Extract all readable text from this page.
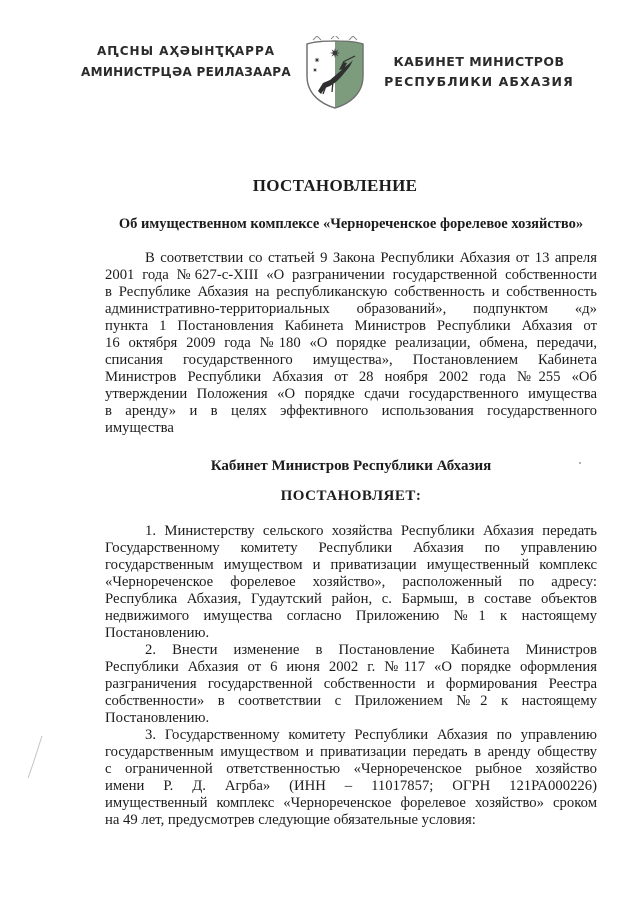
АԤСНЫ АҲӘЫНҬҚАРРА
АМИНИСТРЦӘА РЕИЛАЗААРА
КАБИНЕТ МИНИСТРОВ
РЕСПУБЛИКИ АБХАЗИЯ
ПОСТАНОВЛЕНИЕ
Об имущественном комплексе «Чернореченское форелевое хозяйство»
В соответствии со статьей 9 Закона Республики Абхазия от 13 апреля
2001 года №627-с-XIII «О разграничении государственной собственности
в Республике Абхазия на республиканскую собственность и собственность
административно-территориальных образований», подпунктом «д»
пункта 1 Постановления Кабинета Министров Республики Абхазия от
16 октября 2009 года №180 «О порядке реализации, обмена, передачи,
списания государственного имущества», Постановлением Кабинета
Министров Республики Абхазия от 28 ноября 2002 года №255 «Об
утверждении Положения «О порядке сдачи государственного имущества
в аренду» и в целях эффективного использования государственного
имущества
Кабинет Министров Республики Абхазия
ПОСТАНОВЛЯЕТ:
1. Министерству сельского хозяйства Республики Абхазия передать
Государственному комитету Республики Абхазия по управлению
государственным имуществом и приватизации имущественный комплекс
«Чернореченское форелевое хозяйство», расположенный по адресу:
Республика Абхазия, Гудаутский район, с. Бармыш, в составе объектов
недвижимого имущества согласно Приложению №1 к настоящему
Постановлению.
2. Внести изменение в Постановление Кабинета Министров
Республики Абхазия от 6 июня 2002 г. №117 «О порядке оформления
разграничения государственной собственности и формирования Реестра
собственности» в соответствии с Приложением №2 к настоящему
Постановлению.
3. Государственному комитету Республики Абхазия по управлению
государственным имуществом и приватизации передать в аренду обществу
с ограниченной ответственностью «Чернореченское рыбное хозяйство
имени Р. Д. Агрба» (ИНН – 11017857; ОГРН 121РА000226)
имущественный комплекс «Чернореченское форелевое хозяйство» сроком
на 49 лет, предусмотрев следующие обязательные условия:
